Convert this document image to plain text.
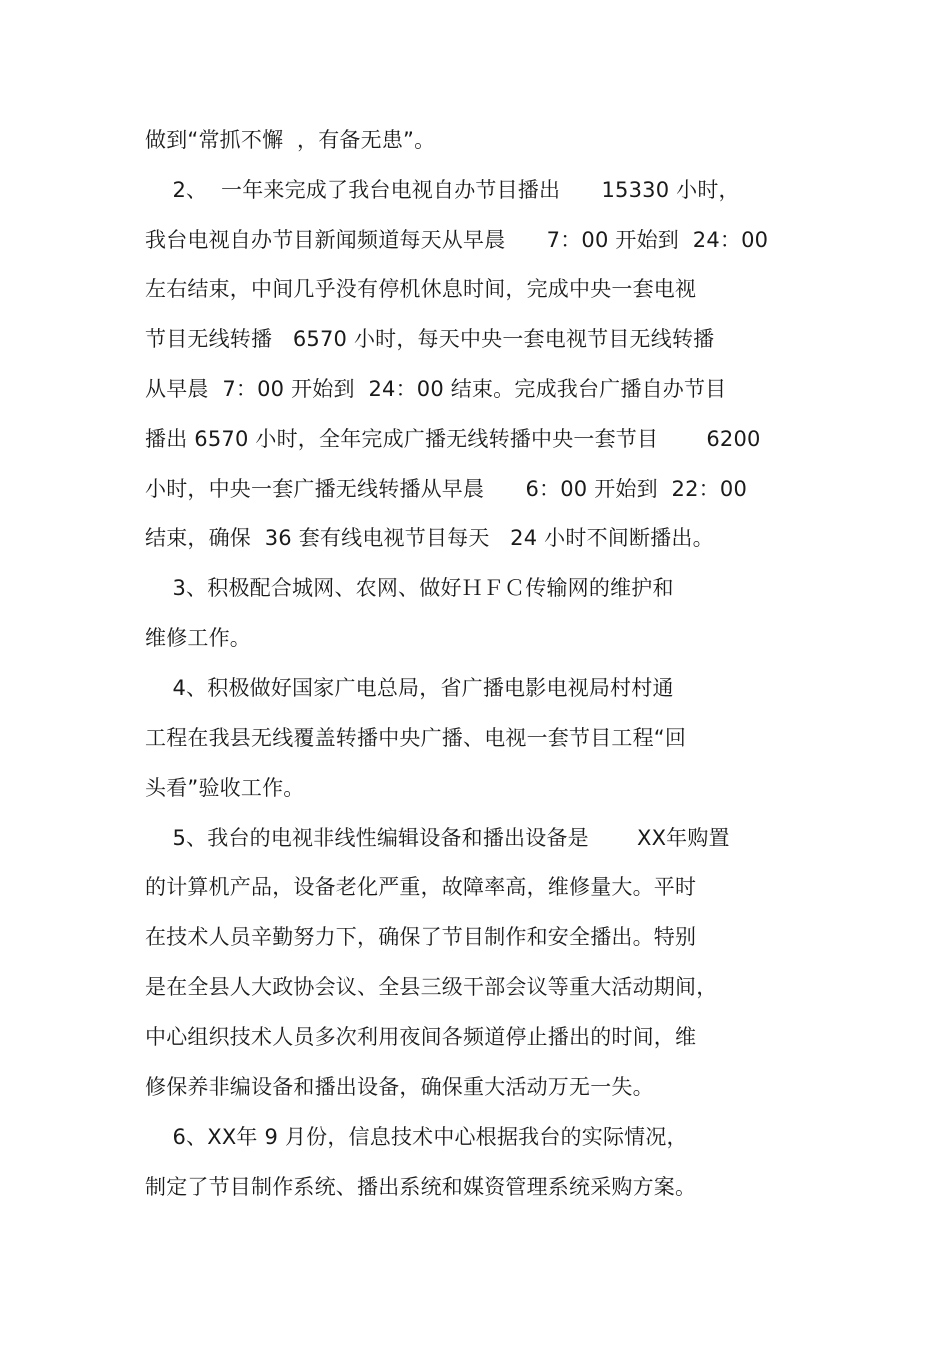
做到“常抓不懈  ，有备无患”。
2、  一年来完成了我台电视自办节目播出      15330 小时，
我台电视自办节目新闻频道每天从早晨      7：00 开始到  24：00
左右结束，中间几乎没有停机休息时间，完成中央一套电视
节目无线转播   6570 小时，每天中央一套电视节目无线转播
从早晨  7：00 开始到  24：00 结束。完成我台广播自办节目
播出 6570 小时，全年完成广播无线转播中央一套节目       6200
小时，中央一套广播无线转播从早晨      6：00 开始到  22：00
结束，确保  36 套有线电视节目每天   24 小时不间断播出。
3、积极配合城网、农网、做好ＨＦＣ传输网的维护和
维修工作。
4、积极做好国家广电总局，省广播电影电视局村村通
工程在我县无线覆盖转播中央广播、电视一套节目工程“回
头看”验收工作。
5、我台的电视非线性编辑设备和播出设备是       XX年购置
的计算机产品，设备老化严重，故障率高，维修量大。平时
在技术人员辛勤努力下，确保了节目制作和安全播出。特别
是在全县人大政协会议、全县三级干部会议等重大活动期间，
中心组织技术人员多次利用夜间各频道停止播出的时间，维
修保养非编设备和播出设备，确保重大活动万无一失。
6、XX年 9 月份，信息技术中心根据我台的实际情况，
制定了节目制作系统、播出系统和媒资管理系统采购方案。
